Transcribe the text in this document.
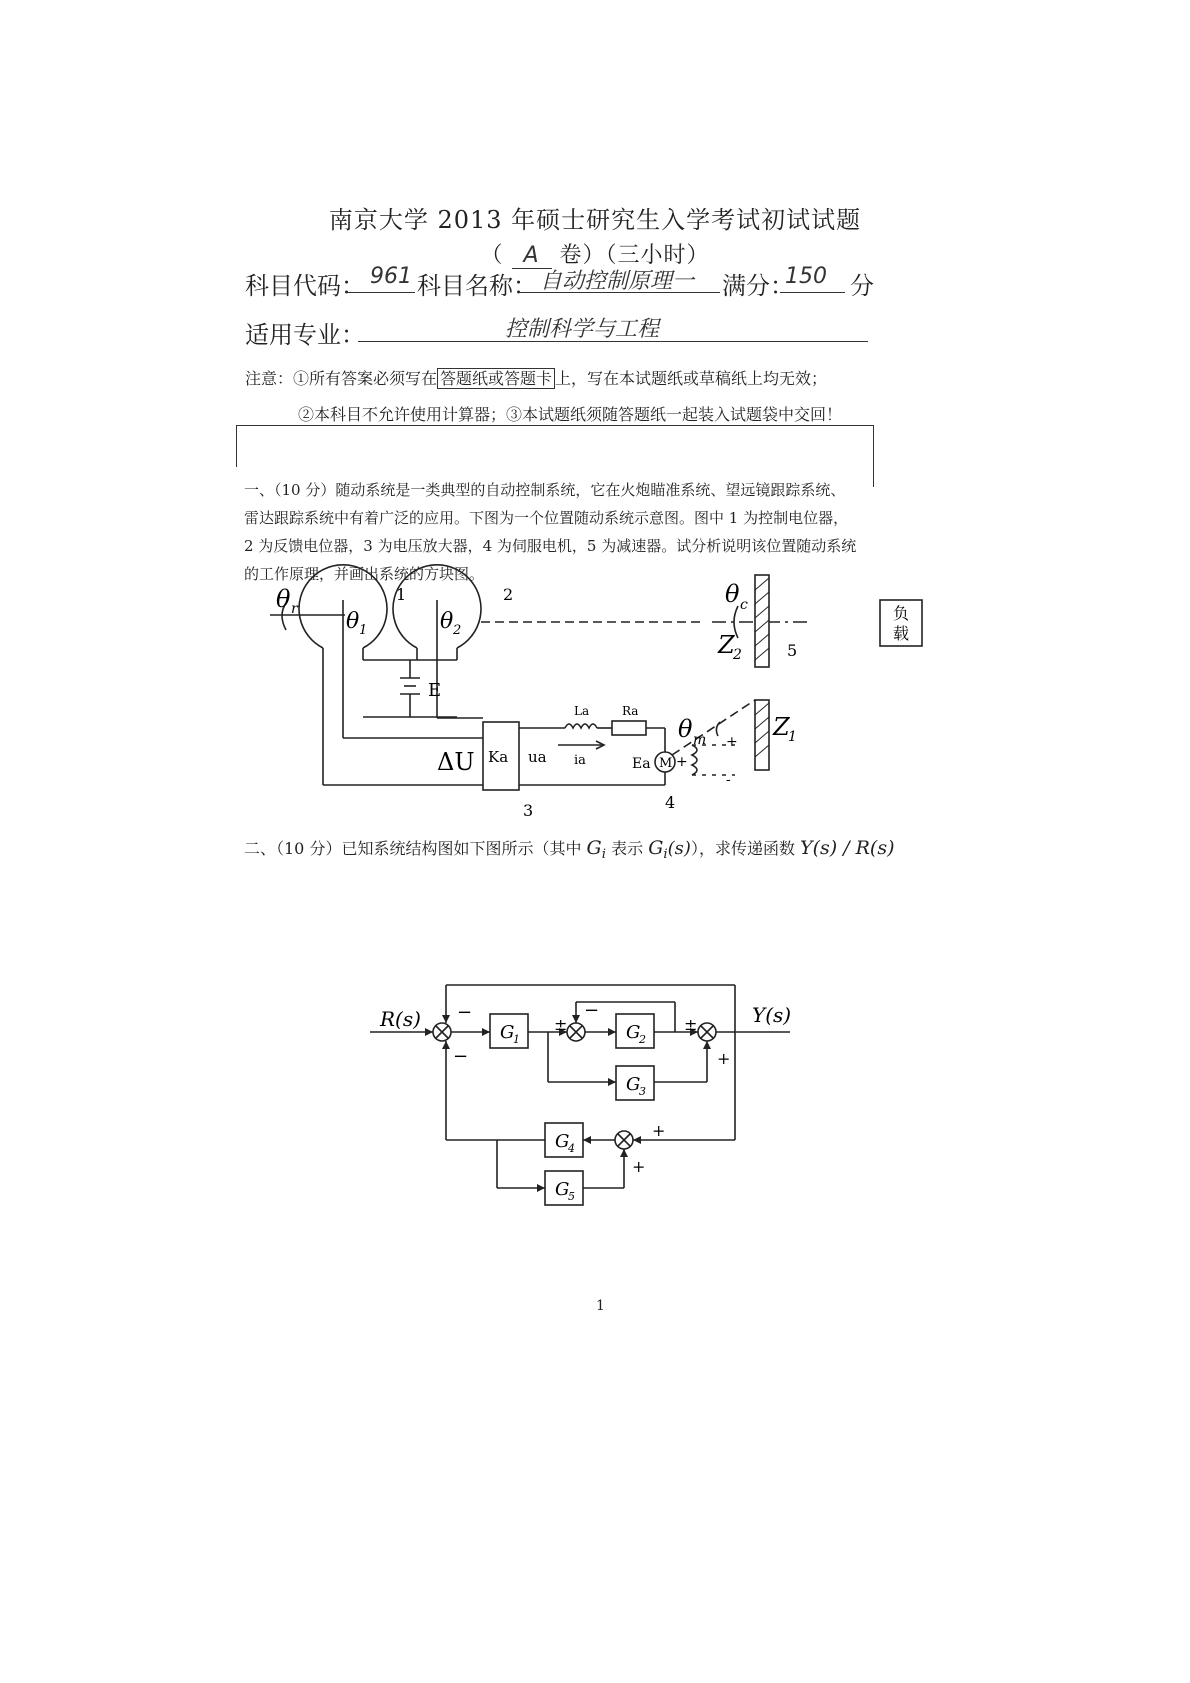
南京大学 2013 年硕士研究生入学考试初试试题
（ A 卷）（三小时）
科目代码： 961 科目名称： 自动控制原理一 满分：
150 分
适用专业：	控制科学与工程
注意：①所有答案必须写在 答题纸或答题卡 上，写在本试题纸或草稿纸上均无效；
②本科目不允许使用计算器；③本试题纸须随答题纸一起装入试题袋中交回！
一、（10 分）随动系统是一类典型的自动控制系统，它在火炮瞄准系统、望远镜跟踪系统、
雷达跟踪系统中有着广泛的应用。下图为一个位置随动系统示意图。图中 1 为控制电位器，
2 为反馈电位器，3 为电压放大器，4 为伺服电机，5 为减速器。试分析说明该位置随动系统
的工作原理，并画出系统的方块图。
θ r θ 1	θ 2
1	2
E
ΔU Ka ua
La	Ra
ia	Ea M +
+
-
3	4
5
θ c
θ m
Z
2
Z
1
负
载
二、（10 分）已知系统结构图如下图所示（其中 $G_i$ 表示 $G_i(s)$），求传递函数 Y(s) / R(s)
R(s)	Y(s)
−
−
±
−
±
+
+
+
G
1	G
2
G
3
G
4
G
5
1
